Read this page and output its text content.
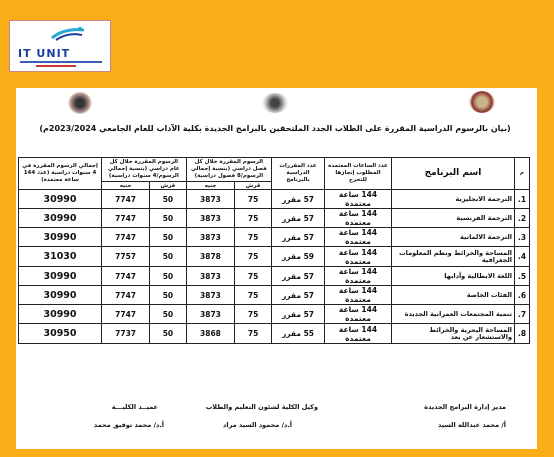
IT UNIT
(بيان بالرسوم الدراسية المقررة على الطلاب الجدد الملتحقين بالبرامج الجديدة بكلية الآداب للعام الجامعي 2023/2024م)
م	اسم البرنامج	عدد الساعات المعتمدة المطلوب إنجازها للتخرج	عدد المقررات الدراسية بالبرنامج	الرسوم المقررة خلال كل فصل دراسي (بنسبة إجمالي الرسوم/8 فصول دراسية)		الرسوم المقررة خلال كل عام دراسي (بنسبة إجمالي الرسوم/4 سنوات دراسية)		إجمالي الرسوم المقررة في 4 سنوات دراسية (عدد 144 ساعة معتمدة)
				قرش	جنيه	قرش	جنيه	
1.	الترجمة الانجليزية	144 ساعة معتمدة	57 مقرر	75	3873	50	7747	30990
2.	الترجمة الفرنسية	144 ساعة معتمدة	57 مقرر	75	3873	50	7747	30990
3.	الترجمة الالمانية	144 ساعة معتمدة	57 مقرر	75	3873	50	7747	30990
4.	المساحة والخرائط ونظم المعلومات الجغرافية	144 ساعة معتمدة	59 مقرر	75	3878	50	7757	31030
5.	اللغة الايطالية وآدابها	144 ساعة معتمدة	57 مقرر	75	3873	50	7747	30990
6.	الفئات الخاصة	144 ساعة معتمدة	57 مقرر	75	3873	50	7747	30990
7.	تنمية المجتمعات العمرانية الجديدة	144 ساعة معتمدة	57 مقرر	75	3873	50	7747	30990
8.	المساحة البحرية والخرائط والاستشعار عن بعد	144 ساعة معتمدة	55 مقرر	75	3868	50	7737	30950
مدير إدارة البرامج الجديدة
أ/ محمد عبدالله السيد
وكيل الكلية لشئون التعليم والطلاب
أ.د/ محمود السيد مراد
عميــد الكليـــة
أ.د/ محمد توفيق محمد
